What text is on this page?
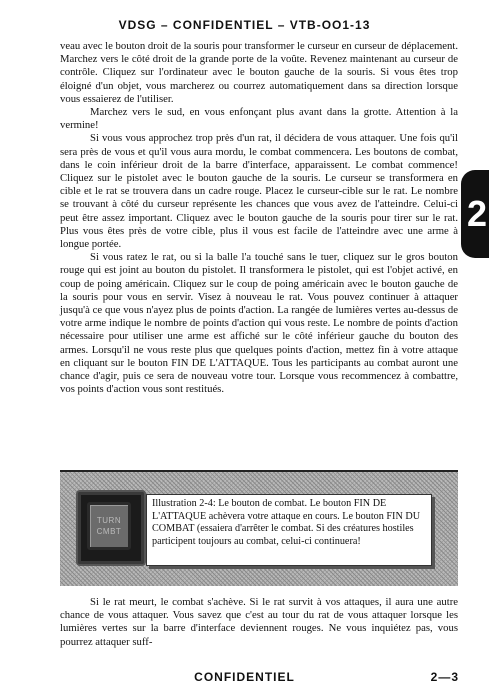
VDSG – CONFIDENTIEL – VTB-OO1-13
2

veau avec le bouton droit de la souris pour transformer le curseur en curseur de déplacement. Marchez vers le côté droit de la grande porte de la voûte. Revenez maintenant au curseur de contrôle. Cliquez sur l'ordinateur avec le bouton gauche de la souris. Si vous êtes trop éloigné d'un objet, vous marcherez ou courrez automatiquement dans sa direction lorsque vous essaierez de l'utiliser.

Marchez vers le sud, en vous enfonçant plus avant dans la grotte. Attention à la vermine!

Si vous vous approchez trop près d'un rat, il décidera de vous attaquer. Une fois qu'il sera près de vous et qu'il vous aura mordu, le combat commencera. Les boutons de combat, dans le coin inférieur droit de la barre d'interface, apparaissent. Le combat commence! Cliquez sur le pistolet avec le bouton gauche de la souris. Le curseur se transformera en cible et le rat se trouvera dans un cadre rouge. Placez le curseur-cible sur le rat. Le nombre se trouvant à côté du curseur représente les chances que vous avez de l'atteindre. Celui-ci peut être assez important. Cliquez avec le bouton gauche de la souris pour tirer sur le rat. Plus vous êtes près de votre cible, plus il vous est facile de l'atteindre avec une arme à longue portée.

Si vous ratez le rat, ou si la balle l'a touché sans le tuer, cliquez sur le gros bouton rouge qui est joint au bouton du pistolet. Il transformera le pistolet, qui est l'objet activé, en coup de poing américain. Cliquez sur le coup de poing américain avec le bouton gauche de la souris pour vous en servir. Visez à nouveau le rat. Vous pouvez continuer à attaquer jusqu'à ce que vous n'ayez plus de points d'action. La rangée de lumières vertes au-dessus de votre arme indique le nombre de points d'action qui vous reste. Le nombre de points d'action nécessaire pour utiliser une arme est affiché sur le côté inférieur gauche du bouton des armes. Lorsqu'il ne vous reste plus que quelques points d'action, mettez fin à votre attaque en cliquant sur le bouton FIN DE L'ATTAQUE. Tous les participants au combat auront une chance d'agir, puis ce sera de nouveau votre tour. Lorsque vous recommencez à combattre, vos points d'action vous sont restitués.

TURN
CMBT
Illustration 2-4: Le bouton de combat. Le bouton FIN DE L'ATTAQUE achèvera votre attaque en cours. Le bouton FIN DU COMBAT (essaiera d'arrêter le combat. Si des créatures hostiles participent toujours au combat, celui-ci continuera!

Si le rat meurt, le combat s'achève. Si le rat survit à vos attaques, il aura une autre chance de vous attaquer. Vous savez que c'est au tour du rat de vous attaquer lorsque les lumières vertes sur la barre d'interface deviennent rouges. Ne vous inquiétez pas, vous pourrez attaquer suff-

CONFIDENTIEL	2—3
